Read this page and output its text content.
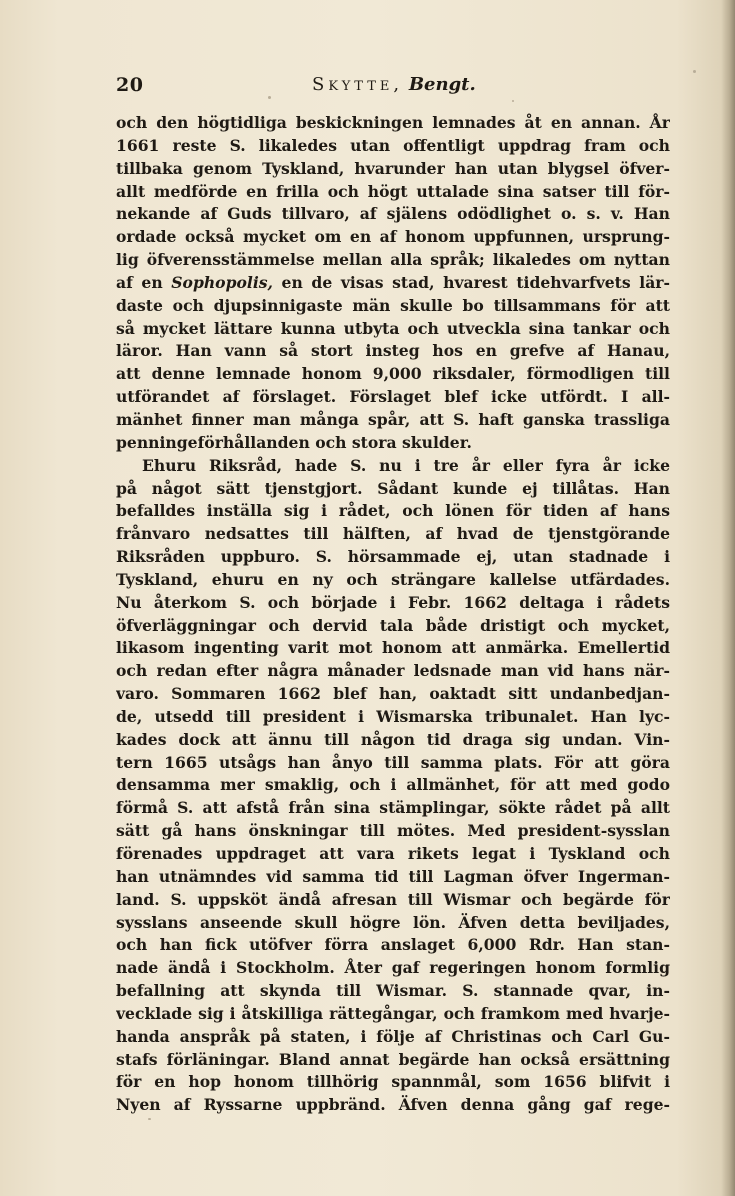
20	Skytte, Bengt.
och den högtidliga beskickningen lemnades åt en annan. År
1661 reste S. likaledes utan offentligt uppdrag fram och
tillbaka genom Tyskland, hvarunder han utan blygsel öfver-
allt medförde en frilla och högt uttalade sina satser till för-
nekande af Guds tillvaro, af själens odödlighet o. s. v. Han
ordade också mycket om en af honom uppfunnen, ursprung-
lig öfverensstämmelse mellan alla språk; likaledes om nyttan
af en Sophopolis, en de visas stad, hvarest tidehvarfvets lär-
daste och djupsinnigaste män skulle bo tillsammans för att
så mycket lättare kunna utbyta och utveckla sina tankar och
läror. Han vann så stort insteg hos en grefve af Hanau,
att denne lemnade honom 9,000 riksdaler, förmodligen till
utförandet af förslaget. Förslaget blef icke utfördt. I all-
mänhet finner man många spår, att S. haft ganska trassliga
penningeförhållanden och stora skulder.
Ehuru Riksråd, hade S. nu i tre år eller fyra år icke
på något sätt tjenstgjort. Sådant kunde ej tillåtas. Han
befalldes inställa sig i rådet, och lönen för tiden af hans
frånvaro nedsattes till hälften, af hvad de tjenstgörande
Riksråden uppburo. S. hörsammade ej, utan stadnade i
Tyskland, ehuru en ny och strängare kallelse utfärdades.
Nu återkom S. och började i Febr. 1662 deltaga i rådets
öfverläggningar och dervid tala både dristigt och mycket,
likasom ingenting varit mot honom att anmärka. Emellertid
och redan efter några månader ledsnade man vid hans när-
varo. Sommaren 1662 blef han, oaktadt sitt undanbedjan-
de, utsedd till president i Wismarska tribunalet. Han lyc-
kades dock att ännu till någon tid draga sig undan. Vin-
tern 1665 utsågs han ånyo till samma plats. För att göra
densamma mer smaklig, och i allmänhet, för att med godo
förmå S. att afstå från sina stämplingar, sökte rådet på allt
sätt gå hans önskningar till mötes. Med president-sysslan
förenades uppdraget att vara rikets legat i Tyskland och
han utnämndes vid samma tid till Lagman öfver Ingerman-
land. S. uppsköt ändå afresan till Wismar och begärde för
sysslans anseende skull högre lön. Äfven detta beviljades,
och han fick utöfver förra anslaget 6,000 Rdr. Han stan-
nade ändå i Stockholm. Åter gaf regeringen honom formlig
befallning att skynda till Wismar. S. stannade qvar, in-
vecklade sig i åtskilliga rättegångar, och framkom med hvarje-
handa anspråk på staten, i följe af Christinas och Carl Gu-
stafs förläningar. Bland annat begärde han också ersättning
för en hop honom tillhörig spannmål, som 1656 blifvit i
Nyen af Ryssarne uppbränd. Äfven denna gång gaf rege-
